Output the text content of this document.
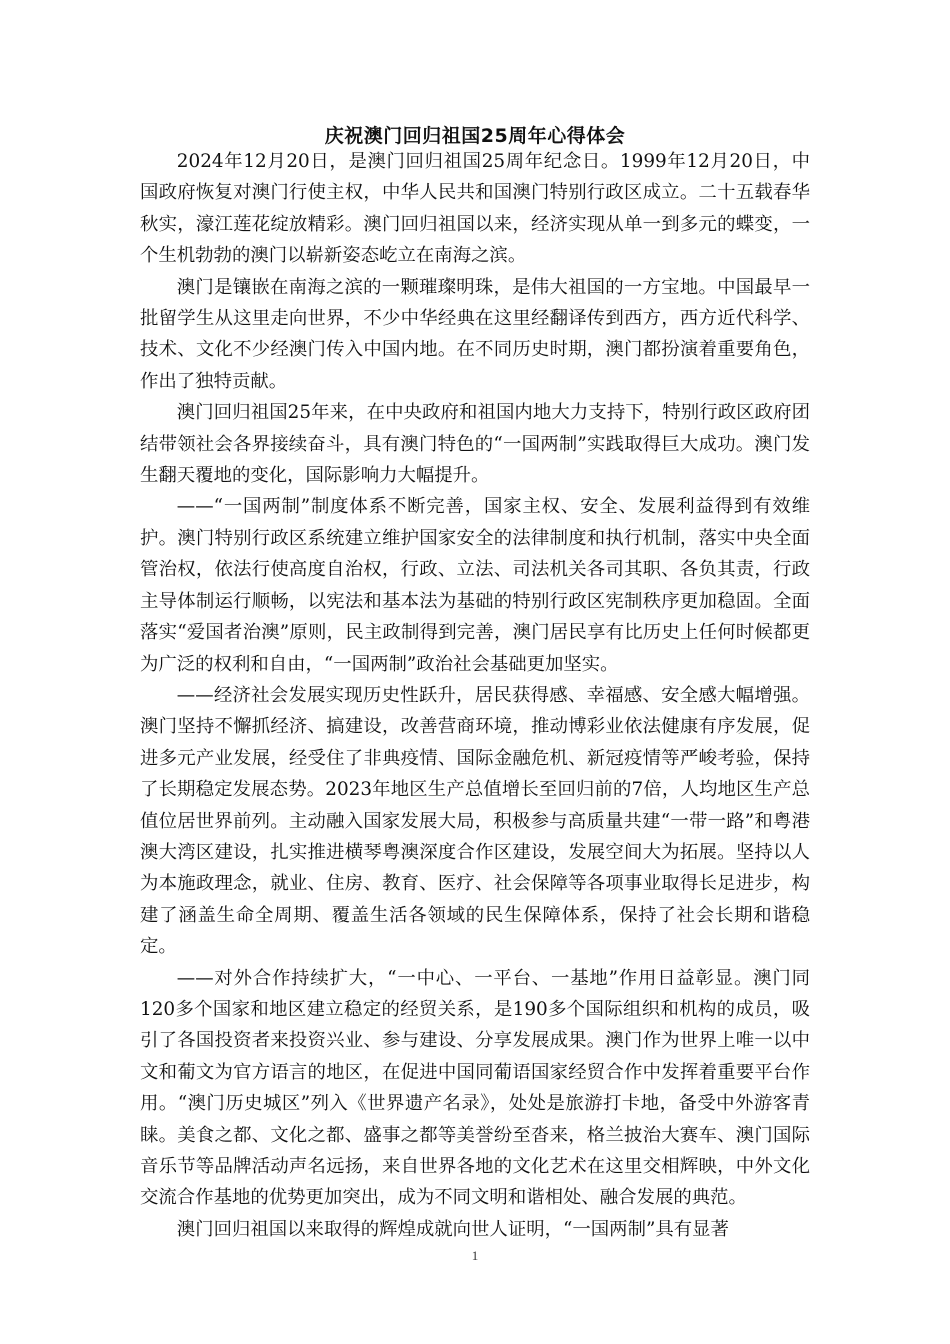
庆祝澳门回归祖国25周年心得体会

2024年12月20日，是澳门回归祖国25周年纪念日。1999年12月20日，中国政府恢复对澳门行使主权，中华人民共和国澳门特别行政区成立。二十五载春华秋实，濠江莲花绽放精彩。澳门回归祖国以来，经济实现从单一到多元的蝶变，一个生机勃勃的澳门以崭新姿态屹立在南海之滨。

澳门是镶嵌在南海之滨的一颗璀璨明珠，是伟大祖国的一方宝地。中国最早一批留学生从这里走向世界，不少中华经典在这里经翻译传到西方，西方近代科学、技术、文化不少经澳门传入中国内地。在不同历史时期，澳门都扮演着重要角色，作出了独特贡献。

澳门回归祖国25年来，在中央政府和祖国内地大力支持下，特别行政区政府团结带领社会各界接续奋斗，具有澳门特色的“一国两制”实践取得巨大成功。澳门发生翻天覆地的变化，国际影响力大幅提升。

——“一国两制”制度体系不断完善，国家主权、安全、发展利益得到有效维护。澳门特别行政区系统建立维护国家安全的法律制度和执行机制，落实中央全面管治权，依法行使高度自治权，行政、立法、司法机关各司其职、各负其责，行政主导体制运行顺畅，以宪法和基本法为基础的特别行政区宪制秩序更加稳固。全面落实“爱国者治澳”原则，民主政制得到完善，澳门居民享有比历史上任何时候都更为广泛的权利和自由，“一国两制”政治社会基础更加坚实。

——经济社会发展实现历史性跃升，居民获得感、幸福感、安全感大幅增强。澳门坚持不懈抓经济、搞建设，改善营商环境，推动博彩业依法健康有序发展，促进多元产业发展，经受住了非典疫情、国际金融危机、新冠疫情等严峻考验，保持了长期稳定发展态势。2023年地区生产总值增长至回归前的7倍，人均地区生产总值位居世界前列。主动融入国家发展大局，积极参与高质量共建“一带一路”和粤港澳大湾区建设，扎实推进横琴粤澳深度合作区建设，发展空间大为拓展。坚持以人为本施政理念，就业、住房、教育、医疗、社会保障等各项事业取得长足进步，构建了涵盖生命全周期、覆盖生活各领域的民生保障体系，保持了社会长期和谐稳定。

——对外合作持续扩大，“一中心、一平台、一基地”作用日益彰显。澳门同120多个国家和地区建立稳定的经贸关系，是190多个国际组织和机构的成员，吸引了各国投资者来投资兴业、参与建设、分享发展成果。澳门作为世界上唯一以中文和葡文为官方语言的地区，在促进中国同葡语国家经贸合作中发挥着重要平台作用。“澳门历史城区”列入《世界遗产名录》，处处是旅游打卡地，备受中外游客青睐。美食之都、文化之都、盛事之都等美誉纷至沓来，格兰披治大赛车、澳门国际音乐节等品牌活动声名远扬，来自世界各地的文化艺术在这里交相辉映，中外文化交流合作基地的优势更加突出，成为不同文明和谐相处、融合发展的典范。

澳门回归祖国以来取得的辉煌成就向世人证明，“一国两制”具有显著

1
